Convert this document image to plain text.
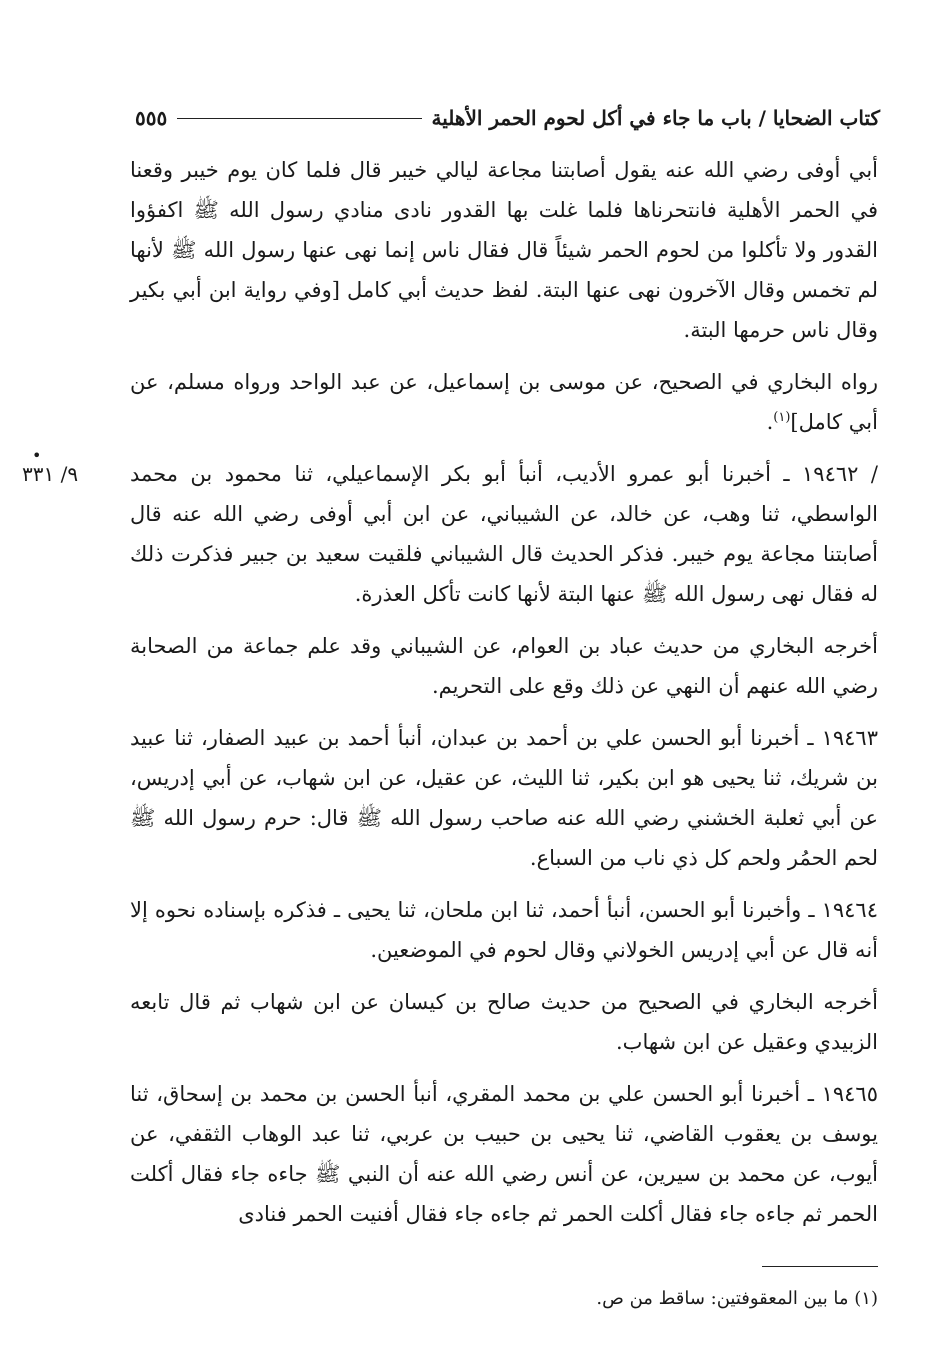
كتاب الضحايا / باب ما جاء في أكل لحوم الحمر الأهلية
٥٥٥
•
٩/ ٣٣١

أبي أوفى رضي الله عنه يقول أصابتنا مجاعة ليالي خيبر قال فلما كان يوم خيبر وقعنا في الحمر الأهلية فانتحرناها فلما غلت بها القدور نادى منادي رسول الله ﷺ اكفؤوا القدور ولا تأكلوا من لحوم الحمر شيئاً قال فقال ناس إنما نهى عنها رسول الله ﷺ لأنها لم تخمس وقال الآخرون نهى عنها البتة. لفظ حديث أبي كامل [وفي رواية ابن أبي بكير وقال ناس حرمها البتة.

رواه البخاري في الصحيح، عن موسى بن إسماعيل، عن عبد الواحد ورواه مسلم، عن أبي كامل]$^{(١)}$.

/ ١٩٤٦٢ ـ أخبرنا أبو عمرو الأديب، أنبأ أبو بكر الإسماعيلي، ثنا محمود بن محمد الواسطي، ثنا وهب، عن خالد، عن الشيباني، عن ابن أبي أوفى رضي الله عنه قال أصابتنا مجاعة يوم خيبر. فذكر الحديث قال الشيباني فلقيت سعيد بن جبير فذكرت ذلك له فقال نهى رسول الله ﷺ عنها البتة لأنها كانت تأكل العذرة.

أخرجه البخاري من حديث عباد بن العوام، عن الشيباني وقد علم جماعة من الصحابة رضي الله عنهم أن النهي عن ذلك وقع على التحريم.

١٩٤٦٣ ـ أخبرنا أبو الحسن علي بن أحمد بن عبدان، أنبأ أحمد بن عبيد الصفار، ثنا عبيد بن شريك، ثنا يحيى هو ابن بكير، ثنا الليث، عن عقيل، عن ابن شهاب، عن أبي إدريس، عن أبي ثعلبة الخشني رضي الله عنه صاحب رسول الله ﷺ قال: حرم رسول الله ﷺ لحم الحمُر ولحم كل ذي ناب من السباع.

١٩٤٦٤ ـ وأخبرنا أبو الحسن، أنبأ أحمد، ثنا ابن ملحان، ثنا يحيى ـ فذكره بإسناده نحوه إلا أنه قال عن أبي إدريس الخولاني وقال لحوم في الموضعين.

أخرجه البخاري في الصحيح من حديث صالح بن كيسان عن ابن شهاب ثم قال تابعه الزبيدي وعقيل عن ابن شهاب.

١٩٤٦٥ ـ أخبرنا أبو الحسن علي بن محمد المقري، أنبأ الحسن بن محمد بن إسحاق، ثنا يوسف بن يعقوب القاضي، ثنا يحيى بن حبيب بن عربي، ثنا عبد الوهاب الثقفي، عن أيوب، عن محمد بن سيرين، عن أنس رضي الله عنه أن النبي ﷺ جاءه جاء فقال أكلت الحمر ثم جاءه جاء فقال أكلت الحمر ثم جاءه جاء فقال أفنيت الحمر فنادى

(١) ما بين المعقوفتين: ساقط من ص.
